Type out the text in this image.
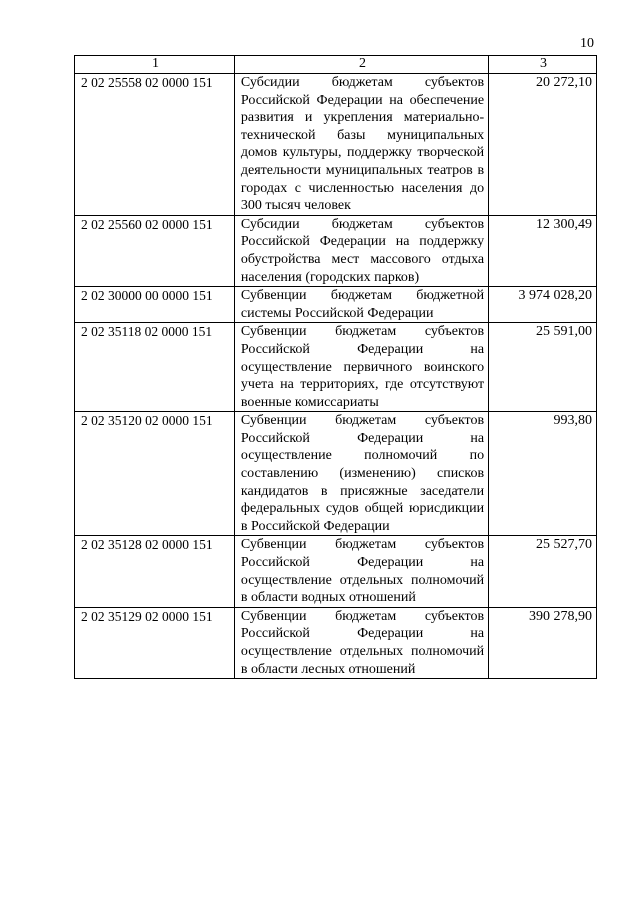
10
1	2	3
2 02 25558 02 0000 151	Субсидии бюджетам субъектов Российской Федерации на обеспечение развития и укрепления материально-технической базы муниципальных домов культуры, поддержку творческой деятельности муниципальных театров в городах с численностью населения до 300 тысяч человек	20 272,10
2 02 25560 02 0000 151	Субсидии бюджетам субъектов Российской Федерации на поддержку обустройства мест массового отдыха населения (городских парков)	12 300,49
2 02 30000 00 0000 151	Субвенции бюджетам бюджетной системы Российской Федерации	3 974 028,20
2 02 35118 02 0000 151	Субвенции бюджетам субъектов Российской Федерации на осуществление первичного воинского учета на территориях, где отсутствуют военные комиссариаты	25 591,00
2 02 35120 02 0000 151	Субвенции бюджетам субъектов Российской Федерации на осуществление полномочий по составлению (изменению) списков кандидатов в присяжные заседатели федеральных судов общей юрисдикции в Российской Федерации	993,80
2 02 35128 02 0000 151	Субвенции бюджетам субъектов Российской Федерации на осуществление отдельных полномочий в области водных отношений	25 527,70
2 02 35129 02 0000 151	Субвенции бюджетам субъектов Российской Федерации на осуществление отдельных полномочий в области лесных отношений	390 278,90
